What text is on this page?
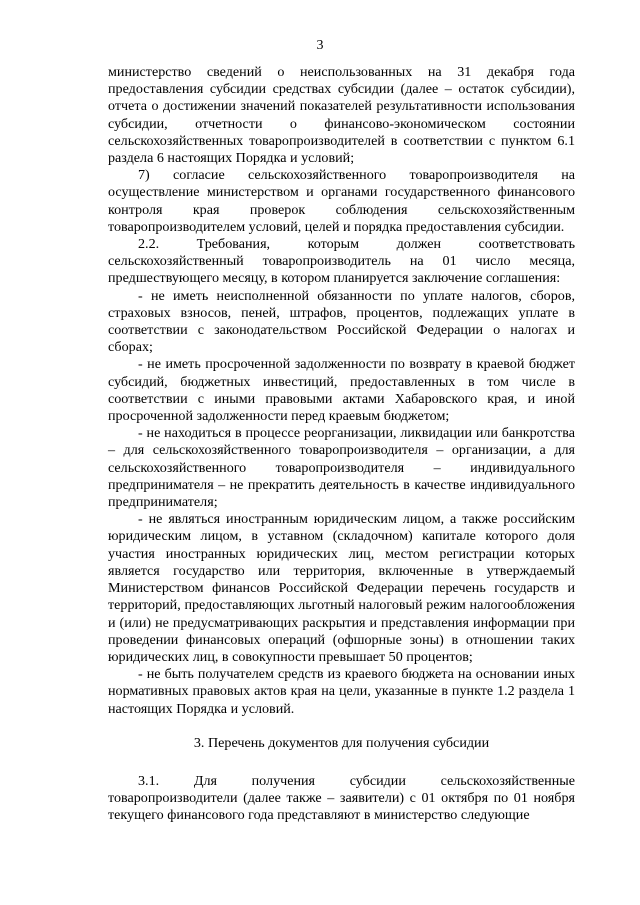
3

министерство сведений о неиспользованных на 31 декабря года предоставления субсидии средствах субсидии (далее – остаток субсидии), отчета о достижении значений показателей результативности использования субсидии, отчетности о финансово-экономическом состоянии сельскохозяйственных товаропроизводителей в соответствии с пунктом 6.1 раздела 6 настоящих Порядка и условий;

7) согласие сельскохозяйственного товаропроизводителя на осуществление министерством и органами государственного финансового контроля края проверок соблюдения сельскохозяйственным товаропроизводителем условий, целей и порядка предоставления субсидии.

2.2. Требования, которым должен соответствовать сельскохозяйственный товаропроизводитель на 01 число месяца, предшествующего месяцу, в котором планируется заключение соглашения:

- не иметь неисполненной обязанности по уплате налогов, сборов, страховых взносов, пеней, штрафов, процентов, подлежащих уплате в соответствии с законодательством Российской Федерации о налогах и сборах;

- не иметь просроченной задолженности по возврату в краевой бюджет субсидий, бюджетных инвестиций, предоставленных в том числе в соответствии с иными правовыми актами Хабаровского края, и иной просроченной задолженности перед краевым бюджетом;

- не находиться в процессе реорганизации, ликвидации или банкротства – для сельскохозяйственного товаропроизводителя – организации, а для сельскохозяйственного товаропроизводителя – индивидуального предпринимателя – не прекратить деятельность в качестве индивидуального предпринимателя;

- не являться иностранным юридическим лицом, а также российским юридическим лицом, в уставном (складочном) капитале которого доля участия иностранных юридических лиц, местом регистрации которых является государство или территория, включенные в утверждаемый Министерством финансов Российской Федерации перечень государств и территорий, предоставляющих льготный налоговый режим налогообложения и (или) не предусматривающих раскрытия и представления информации при проведении финансовых операций (офшорные зоны) в отношении таких юридических лиц, в совокупности превышает 50 процентов;

- не быть получателем средств из краевого бюджета на основании иных нормативных правовых актов края на цели, указанные в пункте 1.2 раздела 1 настоящих Порядка и условий.

3. Перечень документов для получения субсидии

3.1. Для получения субсидии сельскохозяйственные товаропроизводители (далее также – заявители) с 01 октября по 01 ноября текущего финансового года представляют в министерство следующие
